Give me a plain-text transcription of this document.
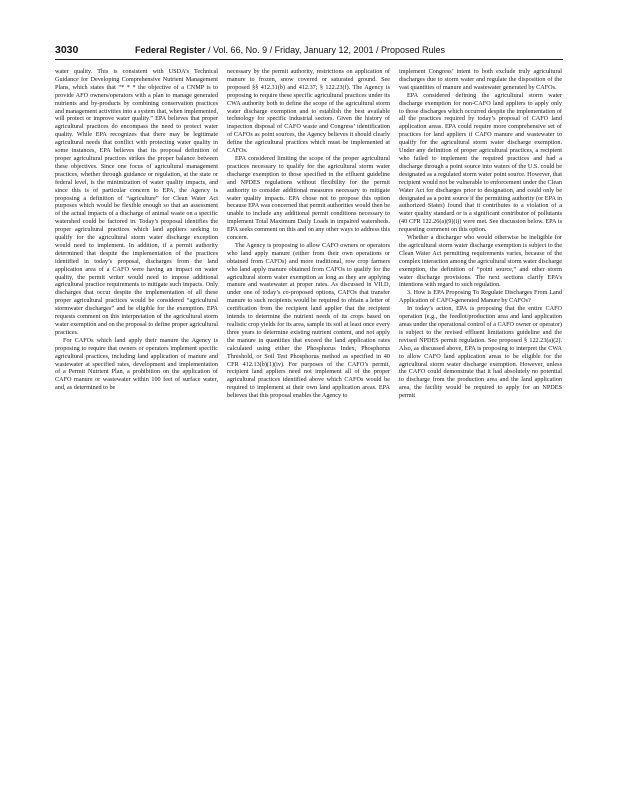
3030	Federal Register / Vol. 66, No. 9 / Friday, January 12, 2001 / Proposed Rules

water quality. This is consistent with USDA’s Technical Guidance for Developing Comprehensive Nutrient Management Plans, which states that “* * * the objective of a CNMP is to provide AFO owners/operators with a plan to manage generated nutrients and by-products by combining conservation practices and management activities into a system that, when implemented, will protect or improve water quality.” EPA believes that proper agricultural practices do encompass the need to protect water quality. While EPA recognizes that there may be legitimate agricultural needs that conflict with protecting water quality in some instances, EPA believes that its proposal definition of proper agricultural practices strikes the proper balance between these objectives. Since one focus of agricultural management practices, whether through guidance or regulation, at the state or federal level, is the minimization of water quality impacts, and since this is of particular concern to EPA, the Agency is proposing a definition of “agriculture” for Clean Water Act purposes which would be flexible enough so that an assessment of the actual impacts of a discharge of animal waste on a specific watershed could be factored in. Today’s proposal identifies the proper agricultural practices which land appliers seeking to qualify for the agricultural storm water discharge exception would need to implement. In addition, if a permit authority determined that despite the implementation of the practices identified in today’s proposal, discharges from the land application area of a CAFO were having an impact on water quality, the permit writer would need to impose additional agricultural practice requirements to mitigate such impacts. Only discharges that occur despite the implementation of all these proper agricultural practices would be considered “agricultural stormwater discharges” and be eligible for the exemption. EPA requests comment on this interpretation of the agricultural storm water exemption and on the proposal to define proper agricultural practices.

For CAFOs which land apply their manure the Agency is proposing to require that owners or operators implement specific agricultural practices, including land application of manure and wastewater at specified rates, development and implementation of a Permit Nutrient Plan, a prohibition on the application of CAFO manure or wastewater within 100 feet of surface water, and, as determined to be

necessary by the permit authority, restrictions on application of manure to frozen, snow covered or saturated ground. See proposed §§ 412.31(b) and 412.37; § 122.23(f). The Agency is proposing to require these specific agricultural practices under its CWA authority both to define the scope of the agricultural storm water discharge exemption and to establish the best available technology for specific industrial sectors. Given the history of inspection disposal of CAFO waste and Congress’ identification of CAFOs as point sources, the Agency believes it should clearly define the agricultural practices which must be implemented at CAFOs.

EPA considered limiting the scope of the proper agricultural practices necessary to qualify for the agricultural storm water discharge exemption to those specified in the effluent guideline and NPDES regulations without flexibility for the permit authority to consider additional measures necessary to mitigate water quality impacts. EPA chose not to propose this option because EPA was concerned that permit authorities would then be unable to include any additional permit conditions necessary to implement Total Maximum Daily Loads in impaired watersheds. EPA seeks comment on this and on any other ways to address this concern.

The Agency is proposing to allow CAFO owners or operators who land apply manure (either from their own operations or obtained from CAFOs) and more traditional, row crop farmers who land apply manure obtained from CAFOs to qualify for the agricultural storm water exemption as long as they are applying manure and wastewater at proper rates. As discussed in VII.D, under one of today’s co-proposed options, CAFOs that transfer manure to such recipients would be required to obtain a letter of certification from the recipient land applier that the recipient intends to determine the nutrient needs of its crops based on realistic crop yields for its area, sample its soil at least once every three years to determine existing nutrient content, and not apply the manure in quantities that exceed the land application rates calculated using either the Phosphorus Index, Phosphorus Threshold, or Soil Test Phosphorus method as specified in 40 CFR 412.13(b)(1)(iv). For purposes of the CAFO’s permit, recipient land appliers need not implement all of the proper agricultural practices identified above which CAFOs would be required to implement at their own land application areas. EPA believes that this proposal enables the Agency to

implement Congress’ intent to both exclude truly agricultural discharges due to storm water and regulate the disposition of the vast quantities of manure and wastewater generated by CAFOs.

EPA considered defining the agricultural storm water discharge exemption for non-CAFO land appliers to apply only to those discharges which occurred despite the implementation of all the practices required by today’s proposal of CAFO land application areas. EPA could require more comprehensive set of practices for land appliers if CAFO manure and wastewater to qualify for the agricultural storm water discharge exemption. Under any definition of proper agricultural practices, a recipient who failed to implement the required practices and had a discharge through a point source into waters of the U.S. could be designated as a regulated storm water point source. However, that recipient would not be vulnerable to enforcement under the Clean Water Act for discharges prior to designation, and could only be designated as a point source if the permitting authority (or EPA in authorized States) found that it contributes to a violation of a water quality standard or is a significant contributor of pollutants (40 CFR 122.26(a)(9)(i)) were met. See discussion below. EPA is requesting comment on this option.

Whether a discharger who would otherwise be ineligible for the agricultural storm water discharge exemption is subject to the Clean Water Act permitting requirements varies, because of the complex interaction among the agricultural storm water discharge exemption, the definition of “point source,” and other storm water discharge provisions. The next sections clarify EPA’s intentions with regard to such regulation.

3. How is EPA Proposing To Regulate Discharges From Land Application of CAFO-generated Manure by CAFOs?

In today’s action, EPA is proposing that the entire CAFO operation (e.g., the feedlot/production area and land application areas under the operational control of a CAFO owner or operator) is subject to the revised effluent limitations guideline and the revised NPDES permit regulation. See proposed § 122.23(a)(2). Also, as discussed above, EPA is proposing to interpret the CWA to allow CAFO land application areas to be eligible for the agricultural storm water discharge exemption. However, unless the CAFO could demonstrate that it had absolutely no potential to discharge from the production area and the land application area, the facility would be required to apply for an NPDES permit
